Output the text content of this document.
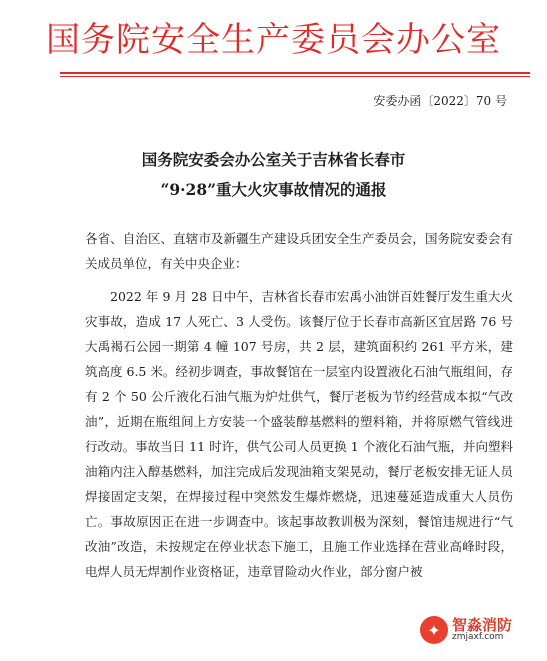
国务院安全生产委员会办公室
安委办函〔2022〕70 号
国务院安委会办公室关于吉林省长春市
“9·28”重大火灾事故情况的通报

各省、自治区、直辖市及新疆生产建设兵团安全生产委员会，国务院安委会有关成员单位，有关中央企业：

2022 年 9 月 28 日中午，吉林省长春市宏禹小油饼百姓餐厅发生重大火灾事故，造成 17 人死亡、3 人受伤。该餐厅位于长春市高新区宜居路 76 号大禹褐石公园一期第 4 幢 107 号房，共 2 层，建筑面积约 261 平方米，建筑高度 6.5 米。经初步调查，事故餐馆在一层室内设置液化石油气瓶组间，存有 2 个 50 公斤液化石油气瓶为炉灶供气，餐厅老板为节约经营成本拟“气改油”，近期在瓶组间上方安装一个盛装醇基燃料的塑料箱，并将原燃气管线进行改动。事故当日 11 时许，供气公司人员更换 1 个液化石油气瓶，并向塑料油箱内注入醇基燃料，加注完成后发现油箱支架晃动，餐厅老板安排无证人员焊接固定支架，在焊接过程中突然发生爆炸燃烧，迅速蔓延造成重大人员伤亡。事故原因正在进一步调查中。该起事故教训极为深刻，餐馆违规进行“气改油”改造，未按规定在停业状态下施工，且施工作业选择在营业高峰时段，电焊人员无焊割作业资格证，违章冒险动火作业，部分窗户被

✦ 智淼消防
zmjaxf.com
